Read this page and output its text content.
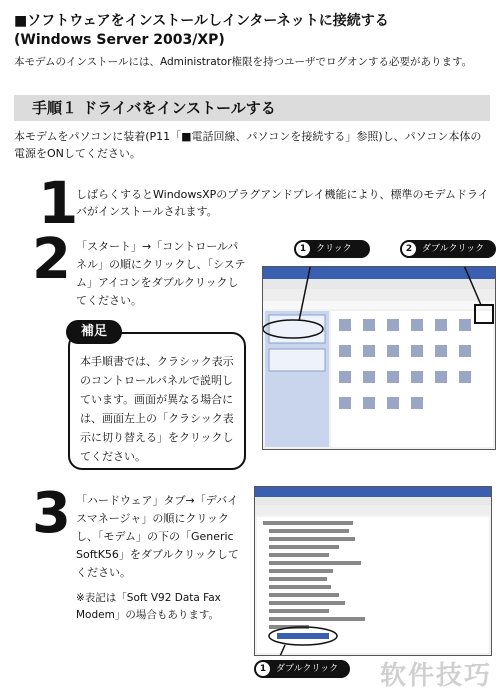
■ソフトウェアをインストールしインターネットに接続する
(Windows Server 2003/XP)
本モデムのインストールには、Administrator権限を持つユーザでログオンする必要があります。
手順１ ドライバをインストールする
本モデムをパソコンに装着(P11「■電話回線、パソコンを接続する」参照)し、パソコン本体の電源をONしてください。
1
しばらくするとWindowsXPのプラグアンドプレイ機能により、標準のモデムドライバがインストールされます。
2 「スタート」→「コントロールパネル」の順にクリックし、「システム」アイコンをダブルクリックしてください。
補足
本手順書では、クラシック表示のコントロールパネルで説明しています。画面が異なる場合には、画面左上の「クラシック表示に切り替える」をクリックしてください。
3 「ハードウェア」タブ→「デバイスマネージャ」の順にクリックし、「モデム」の下の「Generic SoftK56」をダブルクリックしてください。
※表記は「Soft V92 Data Fax Modem」の場合もあります。
1	クリック	2	ダブルクリック
1	ダブルクリック	软件技巧
